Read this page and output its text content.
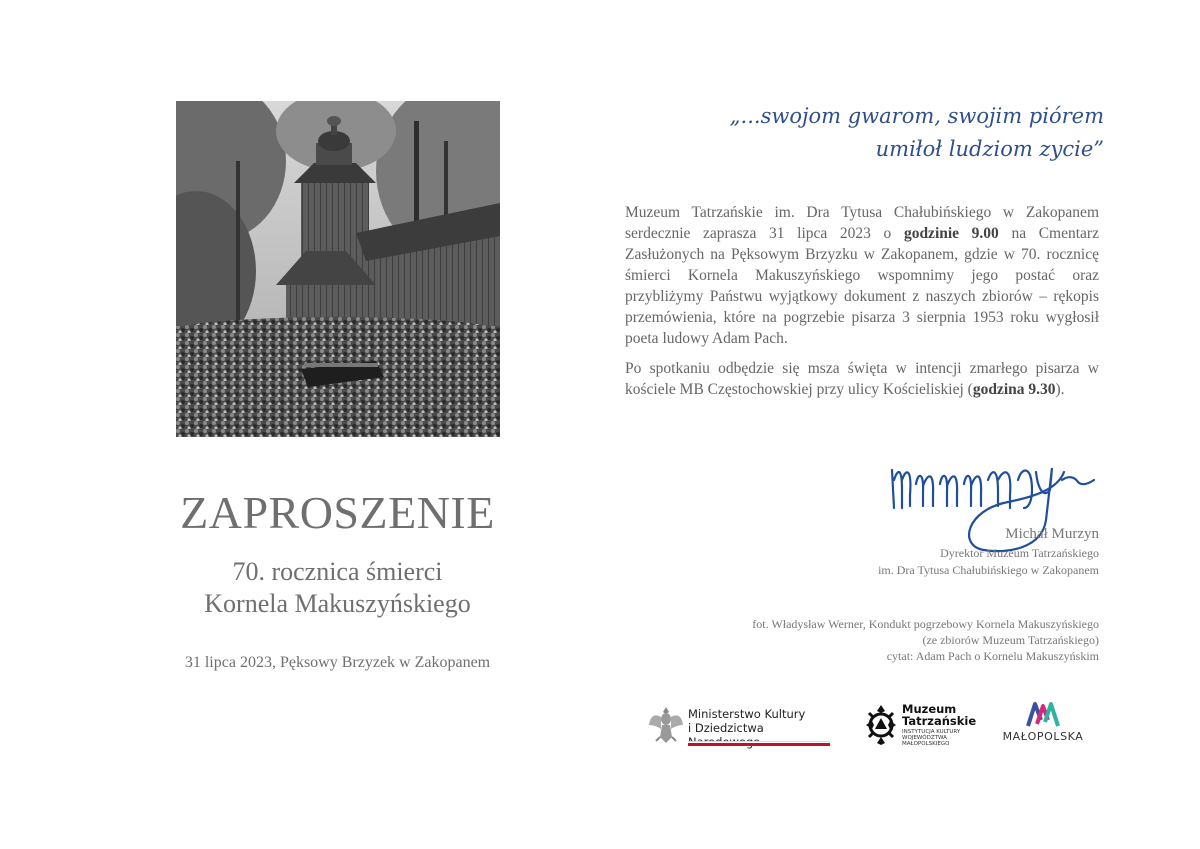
ZAPROSZENIE
70. rocznica śmierci
Kornela Makuszyńskiego
31 lipca 2023, Pęksowy Brzyzek w Zakopanem
„...swojom gwarom, swojim piórem
umiłoł ludziom zycie”

Muzeum Tatrzańskie im. Dra Tytusa Chałubińskiego w Zakopanem serdecznie zaprasza 31 lipca 2023 o godzinie 9.00 na Cmentarz Zasłużonych na Pęksowym Brzyzku w Zakopanem, gdzie w 70. rocznicę śmierci Kornela Makuszyńskiego wspomnimy jego postać oraz przybliżymy Państwu wyjątkowy dokument z naszych zbiorów – rękopis przemówienia, które na pogrzebie pisarza 3 sierpnia 1953 roku wygłosił poeta ludowy Adam Pach.

Po spotkaniu odbędzie się msza święta w intencji zmarłego pisarza w kościele MB Częstochowskiej przy ulicy Kościeliskiej (godzina 9.30).

Michał Murzyn
Dyrektor Muzeum Tatrzańskiego
im. Dra Tytusa Chałubińskiego w Zakopanem
fot. Władysław Werner, Kondukt pogrzebowy Kornela Makuszyńskiego
(ze zbiorów Muzeum Tatrzańskiego)
cytat: Adam Pach o Kornelu Makuszyńskim
Ministerstwo Kultury
i Dziedzictwa
Muzeum
Tatrzańskie
INSTYTUCJA KULTURY
WOJEWÓDZTWA
MAŁOPOLSKIEGO
MAŁOPOLSKA
